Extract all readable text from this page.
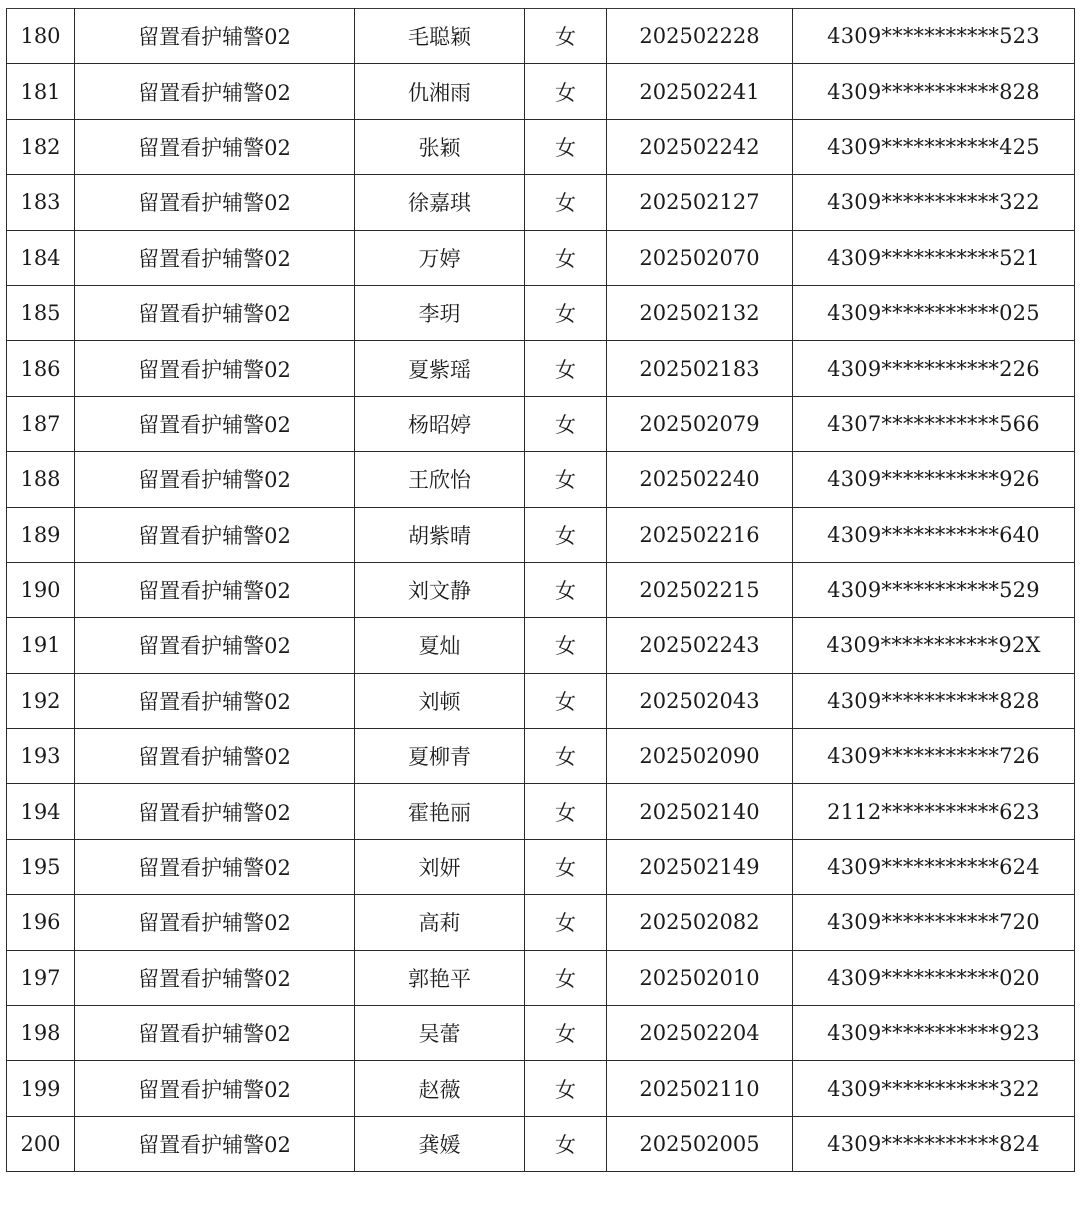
180	留置看护辅警02	毛聪颖	女	202502228	4309***********523
181	留置看护辅警02	仇湘雨	女	202502241	4309***********828
182	留置看护辅警02	张颖	女	202502242	4309***********425
183	留置看护辅警02	徐嘉琪	女	202502127	4309***********322
184	留置看护辅警02	万婷	女	202502070	4309***********521
185	留置看护辅警02	李玥	女	202502132	4309***********025
186	留置看护辅警02	夏紫瑶	女	202502183	4309***********226
187	留置看护辅警02	杨昭婷	女	202502079	4307***********566
188	留置看护辅警02	王欣怡	女	202502240	4309***********926
189	留置看护辅警02	胡紫晴	女	202502216	4309***********640
190	留置看护辅警02	刘文静	女	202502215	4309***********529
191	留置看护辅警02	夏灿	女	202502243	4309***********92X
192	留置看护辅警02	刘顿	女	202502043	4309***********828
193	留置看护辅警02	夏柳青	女	202502090	4309***********726
194	留置看护辅警02	霍艳丽	女	202502140	2112***********623
195	留置看护辅警02	刘妍	女	202502149	4309***********624
196	留置看护辅警02	高莉	女	202502082	4309***********720
197	留置看护辅警02	郭艳平	女	202502010	4309***********020
198	留置看护辅警02	吴蕾	女	202502204	4309***********923
199	留置看护辅警02	赵薇	女	202502110	4309***********322
200	留置看护辅警02	龚媛	女	202502005	4309***********824
